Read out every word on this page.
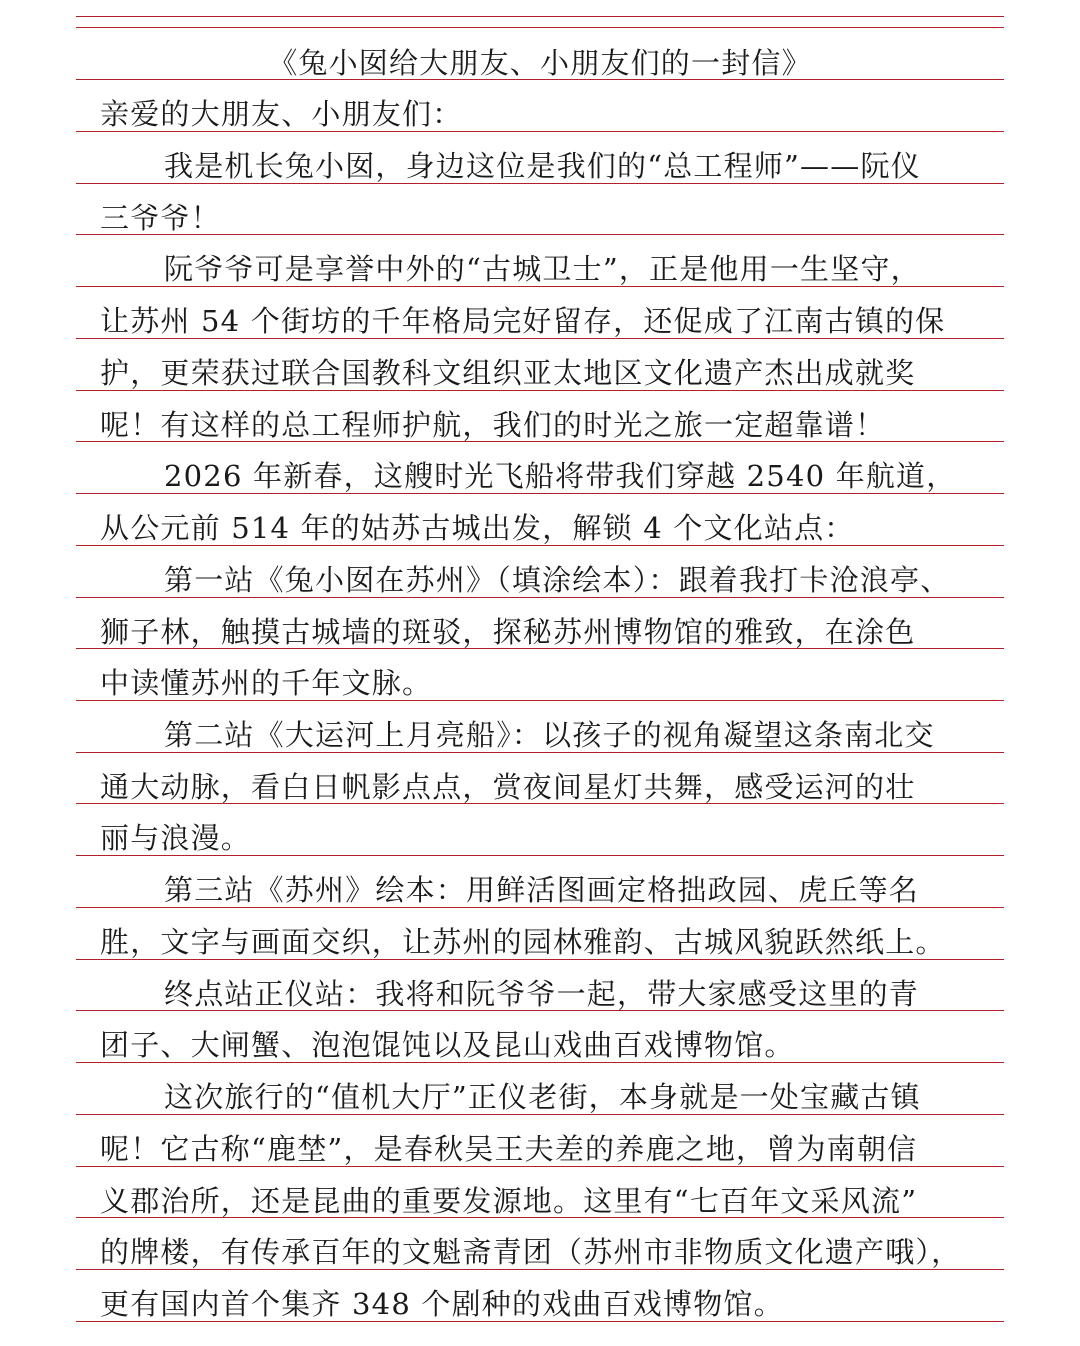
《兔小囡给大朋友、小朋友们的一封信》
亲爱的大朋友、小朋友们：
我是机长兔小囡，身边这位是我们的“总工程师”——阮仪
三爷爷！
阮爷爷可是享誉中外的“古城卫士”，正是他用一生坚守，
让苏州 54 个街坊的千年格局完好留存，还促成了江南古镇的保
护，更荣获过联合国教科文组织亚太地区文化遗产杰出成就奖
呢！有这样的总工程师护航，我们的时光之旅一定超靠谱！
2026 年新春，这艘时光飞船将带我们穿越 2540 年航道，
从公元前 514 年的姑苏古城出发，解锁 4 个文化站点：
第一站《兔小囡在苏州》（填涂绘本）：跟着我打卡沧浪亭、
狮子林，触摸古城墙的斑驳，探秘苏州博物馆的雅致，在涂色
中读懂苏州的千年文脉。
第二站《大运河上月亮船》：以孩子的视角凝望这条南北交
通大动脉，看白日帆影点点，赏夜间星灯共舞，感受运河的壮
丽与浪漫。
第三站《苏州》绘本：用鲜活图画定格拙政园、虎丘等名
胜，文字与画面交织，让苏州的园林雅韵、古城风貌跃然纸上。
终点站正仪站：我将和阮爷爷一起，带大家感受这里的青
团子、大闸蟹、泡泡馄饨以及昆山戏曲百戏博物馆。
这次旅行的“值机大厅”正仪老街，本身就是一处宝藏古镇
呢！它古称“鹿埜”，是春秋吴王夫差的养鹿之地，曾为南朝信
义郡治所，还是昆曲的重要发源地。这里有“七百年文采风流”
的牌楼，有传承百年的文魁斋青团（苏州市非物质文化遗产哦），
更有国内首个集齐 348 个剧种的戏曲百戏博物馆。
